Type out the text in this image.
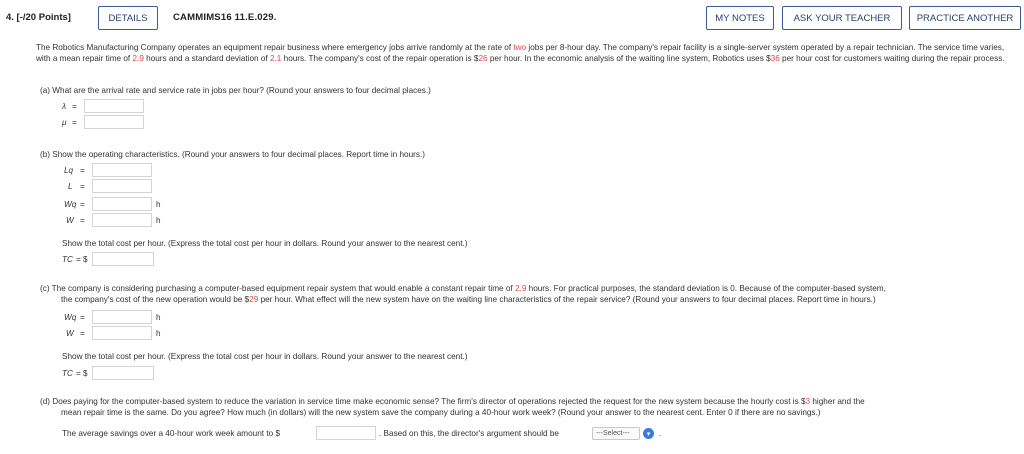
4. [-/20 Points]	DETAILS	CAMMIMS16 11.E.029.	MY NOTES	ASK YOUR TEACHER	PRACTICE ANOTHER
The Robotics Manufacturing Company operates an equipment repair business where emergency jobs arrive randomly at the rate of two jobs per 8-hour day. The company's repair facility is a single-server system operated by a repair technician. The service time varies, with a mean repair time of 2.9 hours and a standard deviation of 2.1 hours. The company's cost of the repair operation is $26 per hour. In the economic analysis of the waiting line system, Robotics uses $36 per hour cost for customers waiting during the repair process.
(a) What are the arrival rate and service rate in jobs per hour? (Round your answers to four decimal places.)
λ =
μ =
(b) Show the operating characteristics. (Round your answers to four decimal places. Report time in hours.)
Lq =
L =
Wq =	h
W =	h
Show the total cost per hour. (Express the total cost per hour in dollars. Round your answer to the nearest cent.)
TC = $
(c) The company is considering purchasing a computer-based equipment repair system that would enable a constant repair time of 2.9 hours. For practical purposes, the standard deviation is 0. Because of the computer-based system,
the company's cost of the new operation would be $29 per hour. What effect will the new system have on the waiting line characteristics of the repair service? (Round your answers to four decimal places. Report time in hours.)
Wq =	h
W =	h
Show the total cost per hour. (Express the total cost per hour in dollars. Round your answer to the nearest cent.)
TC = $
(d) Does paying for the computer-based system to reduce the variation in service time make economic sense? The firm's director of operations rejected the request for the new system because the hourly cost is $3 higher and the
mean repair time is the same. Do you agree? How much (in dollars) will the new system save the company during a 40-hour work week? (Round your answer to the nearest cent. Enter 0 if there are no savings.)
The average savings over a 40-hour work week amount to $	. Based on this, the director's argument should be	---Select---	▾	.
